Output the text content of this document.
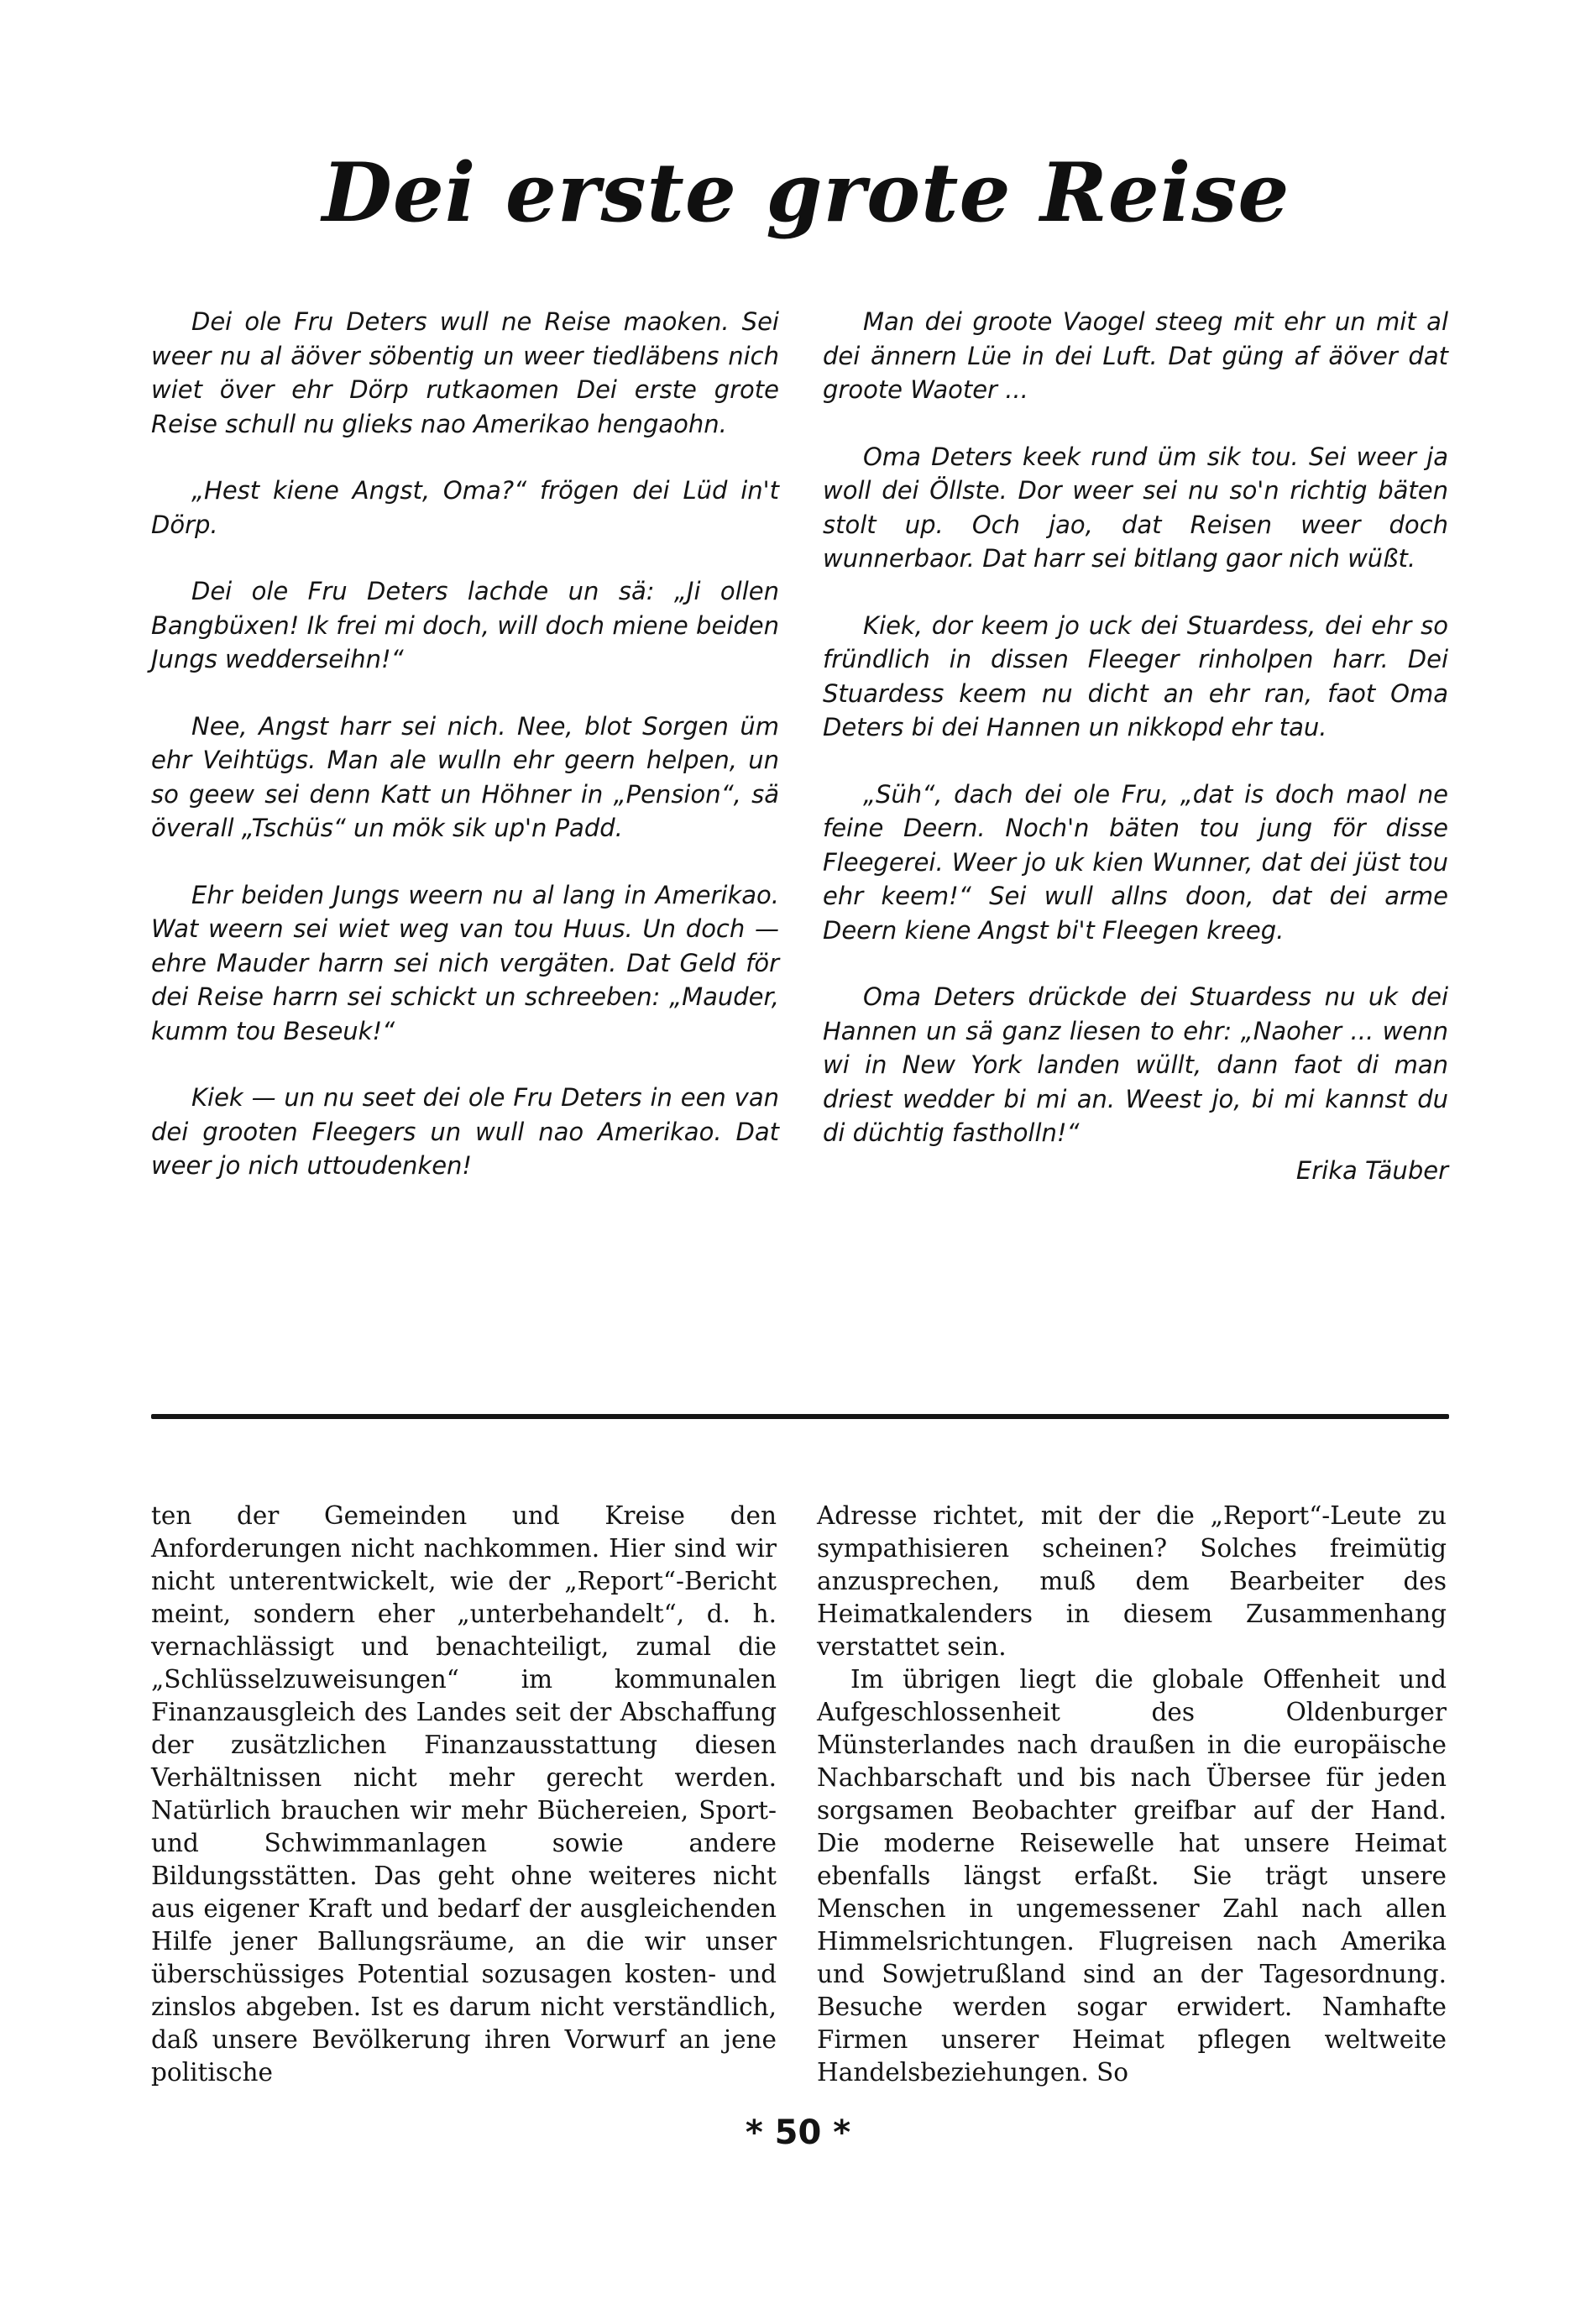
Dei erste grote Reise

Dei ole Fru Deters wull ne Reise maoken. Sei weer nu al äöver söbentig un weer tiedläbens nich wiet över ehr Dörp rutkaomen Dei erste grote Reise schull nu glieks nao Amerikao hengaohn.

„Hest kiene Angst, Oma?“ frögen dei Lüd in't Dörp.

Dei ole Fru Deters lachde un sä: „Ji ollen Bangbüxen! Ik frei mi doch, will doch miene beiden Jungs wedderseihn!“

Nee, Angst harr sei nich. Nee, blot Sorgen üm ehr Veihtügs. Man ale wulln ehr geern helpen, un so geew sei denn Katt un Höhner in „Pension“, sä överall „Tschüs“ un mök sik up'n Padd.

Ehr beiden Jungs weern nu al lang in Amerikao. Wat weern sei wiet weg van tou Huus. Un doch — ehre Mauder harrn sei nich vergäten. Dat Geld för dei Reise harrn sei schickt un schreeben: „Mauder, kumm tou Beseuk!“

Kiek — un nu seet dei ole Fru Deters in een van dei grooten Fleegers un wull nao Amerikao. Dat weer jo nich uttoudenken!

Man dei groote Vaogel steeg mit ehr un mit al dei ännern Lüe in dei Luft. Dat güng af äöver dat groote Waoter ...

Oma Deters keek rund üm sik tou. Sei weer ja woll dei Öllste. Dor weer sei nu so'n richtig bäten stolt up. Och jao, dat Reisen weer doch wunnerbaor. Dat harr sei bitlang gaor nich wüßt.

Kiek, dor keem jo uck dei Stuardess, dei ehr so fründlich in dissen Fleeger rinholpen harr. Dei Stuardess keem nu dicht an ehr ran, faot Oma Deters bi dei Hannen un nikkopd ehr tau.

„Süh“, dach dei ole Fru, „dat is doch maol ne feine Deern. Noch'n bäten tou jung för disse Fleegerei. Weer jo uk kien Wunner, dat dei jüst tou ehr keem!“ Sei wull allns doon, dat dei arme Deern kiene Angst bi't Fleegen kreeg.

Oma Deters drückde dei Stuardess nu uk dei Hannen un sä ganz liesen to ehr: „Naoher ... wenn wi in New York landen wüllt, dann faot di man driest wedder bi mi an. Weest jo, bi mi kannst du di düchtig fastholln!“

Erika Täuber

ten der Gemeinden und Kreise den Anforderungen nicht nachkommen. Hier sind wir nicht unterentwickelt, wie der „Report“-Bericht meint, sondern eher „unterbehandelt“, d. h. vernachlässigt und benachteiligt, zumal die „Schlüsselzuweisungen“ im kommunalen Finanzausgleich des Landes seit der Abschaffung der zusätzlichen Finanzausstattung diesen Verhältnissen nicht mehr gerecht werden. Natürlich brauchen wir mehr Büchereien, Sport- und Schwimmanlagen sowie andere Bildungsstätten. Das geht ohne weiteres nicht aus eigener Kraft und bedarf der ausgleichenden Hilfe jener Ballungsräume, an die wir unser überschüssiges Potential sozusagen kosten- und zinslos abgeben. Ist es darum nicht verständlich, daß unsere Bevölkerung ihren Vorwurf an jene politische

Adresse richtet, mit der die „Report“-Leute zu sympathisieren scheinen? Solches freimütig anzusprechen, muß dem Bearbeiter des Heimatkalenders in diesem Zusammenhang verstattet sein.

Im übrigen liegt die globale Offenheit und Aufgeschlossenheit des Oldenburger Münsterlandes nach draußen in die europäische Nachbarschaft und bis nach Übersee für jeden sorgsamen Beobachter greifbar auf der Hand. Die moderne Reisewelle hat unsere Heimat ebenfalls längst erfaßt. Sie trägt unsere Menschen in ungemessener Zahl nach allen Himmelsrichtungen. Flugreisen nach Amerika und Sowjetrußland sind an der Tagesordnung. Besuche werden sogar erwidert. Namhafte Firmen unserer Heimat pflegen weltweite Handelsbeziehungen. So

* 50 *
